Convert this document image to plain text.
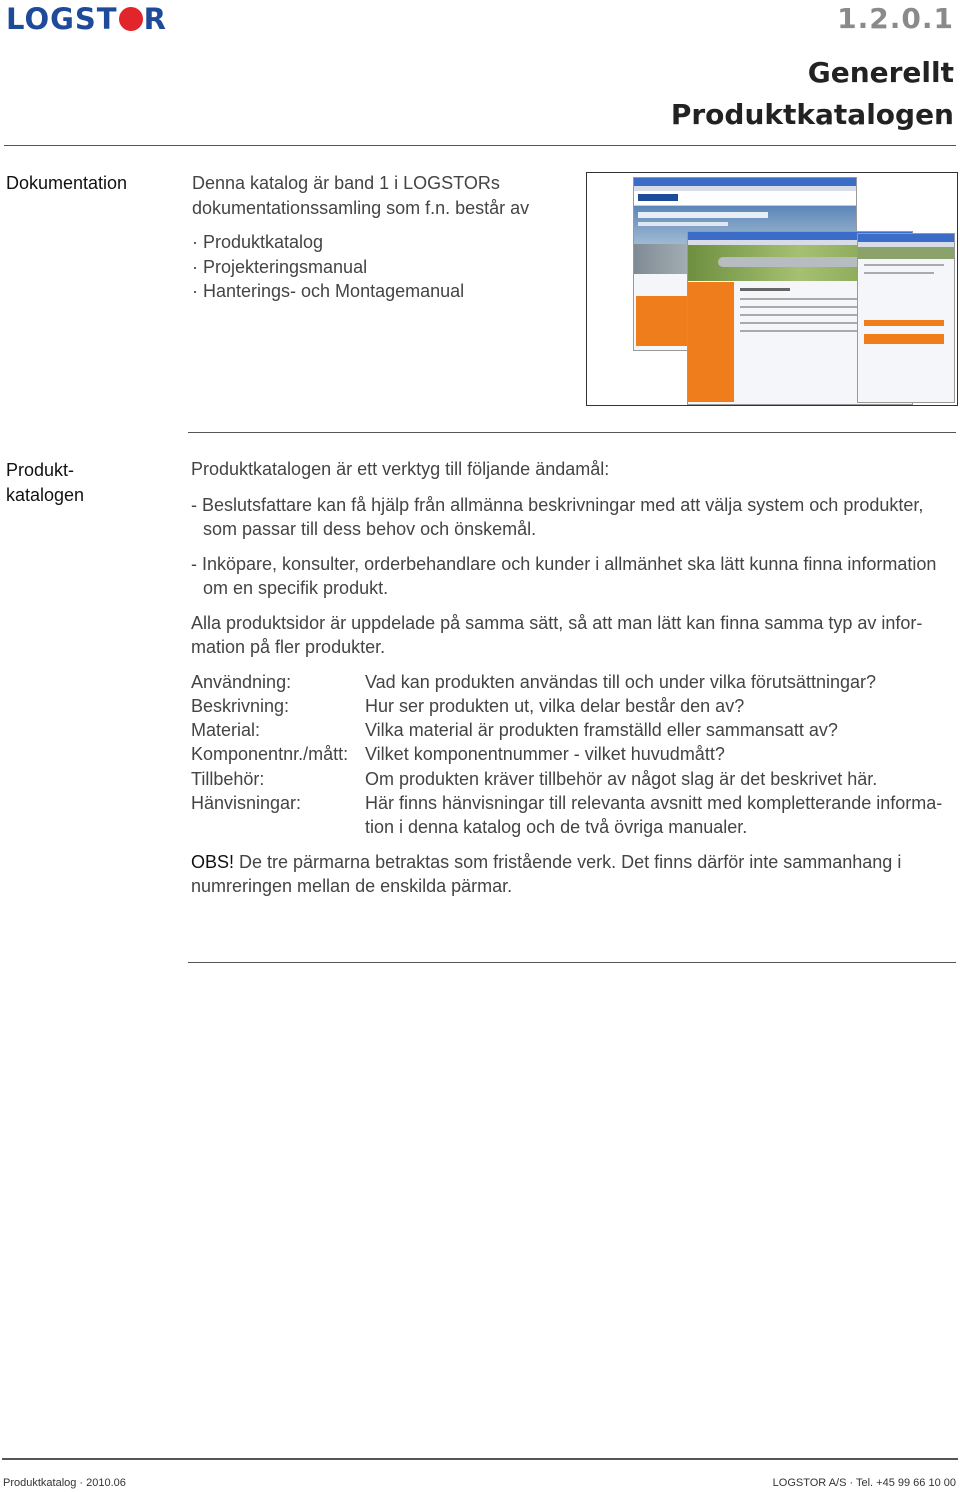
LOGST R	1.2.0.1
Generellt
Produktkatalogen
Dokumentation	Denna katalog är band 1 i LOGSTORs

dokumentationssamling som f.n. består av

· Produktkatalog

· Projekteringsmanual

· Hanterings- och Montagemanual

Produkt-
katalogen

Produktkatalogen är ett verktyg till följande ändamål:

- Beslutsfattare kan få hjälp från allmänna beskrivningar med att välja system och produkter,

som passar till dess behov och önskemål.

- Inköpare, konsulter, orderbehandlare och kunder i allmänhet ska lätt kunna finna information

om en specifik produkt.

Alla produktsidor är uppdelade på samma sätt, så att man lätt kan finna samma typ av infor-

mation på fler produkter.

Användning:	Vad kan produkten användas till och under vilka förutsättningar?
Beskrivning:	Hur ser produkten ut, vilka delar består den av?
Material:	Vilka material är produkten framställd eller sammansatt av?
Komponentnr./mått:	Vilket komponentnummer - vilket huvudmått?
Tillbehör:	Om produkten kräver tillbehör av något slag är det beskrivet här.
Hänvisningar:	Här finns hänvisningar till relevanta avsnitt med kompletterande informa-
	tion i denna katalog och de två övriga manualer.

OBS! De tre pärmarna betraktas som fristående verk. Det finns därför inte sammanhang i

numreringen mellan de enskilda pärmar.

Produktkatalog · 2010.06	LOGSTOR A/S · Tel. +45 99 66 10 00
